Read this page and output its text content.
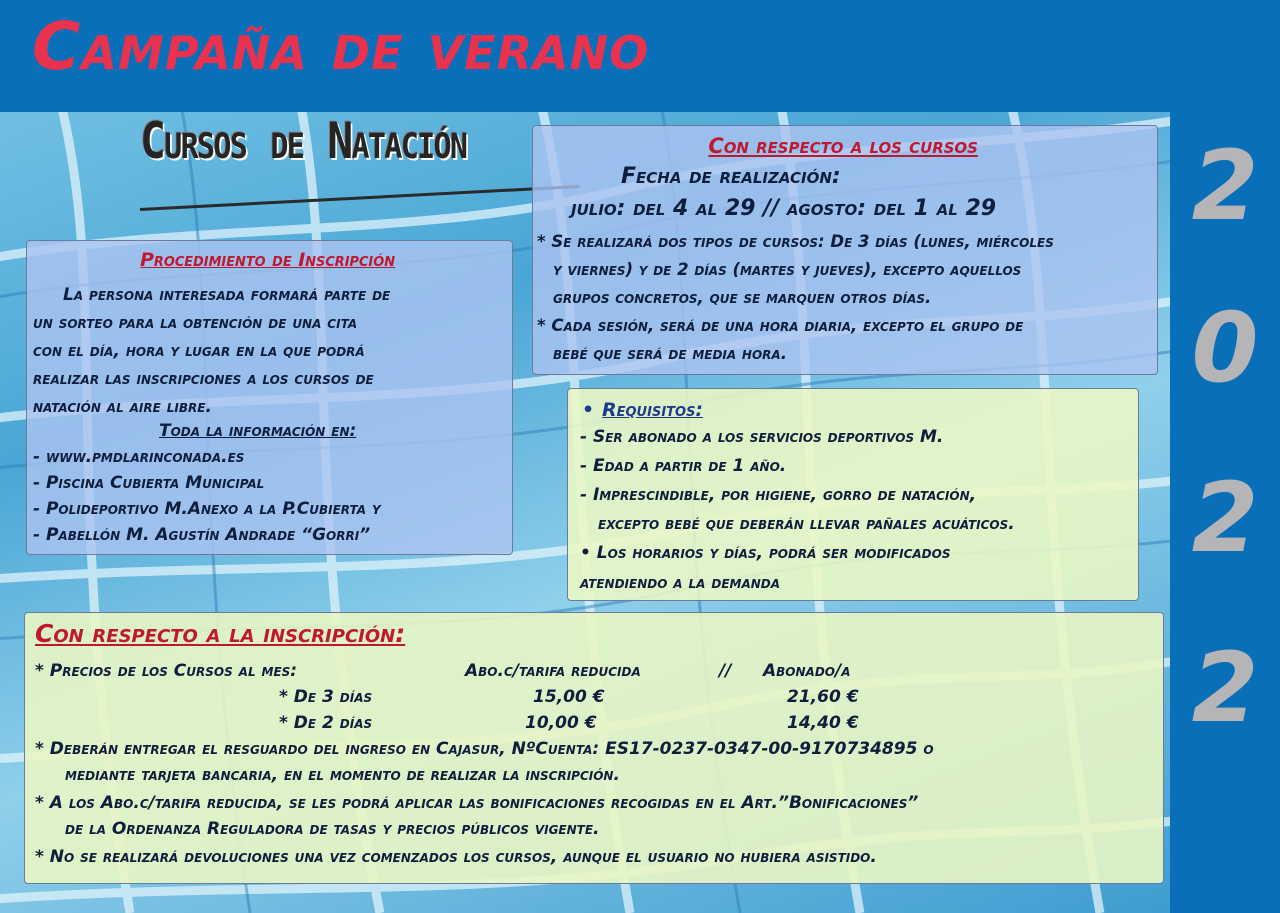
Campaña de verano
2
0
2
2
Cursos de Natación	Con respecto a los cursos
Fecha de realización:
julio: del 4 al 29 // agosto: del 1 al 29
* Se realizará dos tipos de cursos: De 3 días (lunes, miércoles
y viernes) y de 2 días (martes y jueves), excepto aquellos
grupos concretos, que se marquen otros días.
* Cada sesión, será de una hora diaria, excepto el grupo de
bebé que será de media hora.
Procedimiento de Inscripción
La persona interesada formará parte de
un sorteo para la obtención de una cita
con el día, hora y lugar en la que podrá
realizar las inscripciones a los cursos de
natación al aire libre.
Toda la información en:
- www.pmdlarinconada.es
- Piscina Cubierta Municipal
- Polideportivo M.Anexo a la P.Cubierta y
- Pabellón M. Agustín Andrade “Gorri”
• Requisitos:
- Ser abonado a los servicios deportivos M.
- Edad a partir de 1 año.
- Imprescindible, por higiene, gorro de natación,
excepto bebé que deberán llevar pañales acuáticos.
• Los horarios y días, podrá ser modificados
atendiendo a la demanda
Con respecto a la inscripción:
* Precios de los Cursos al mes:	Abo.c/tarifa reducida	// Abonado/a
* De 3 días	15,00 €	21,60 €
* De 2 días	10,00 €	14,40 €
* Deberán entregar el resguardo del ingreso en Cajasur, NºCuenta: ES17-0237-0347-00-9170734895 o
mediante tarjeta bancaria, en el momento de realizar la inscripción.
* A los Abo.c/tarifa reducida, se les podrá aplicar las bonificaciones recogidas en el Art.”Bonificaciones”
de la Ordenanza Reguladora de tasas y precios públicos vigente.
* No se realizará devoluciones una vez comenzados los cursos, aunque el usuario no hubiera asistido.
